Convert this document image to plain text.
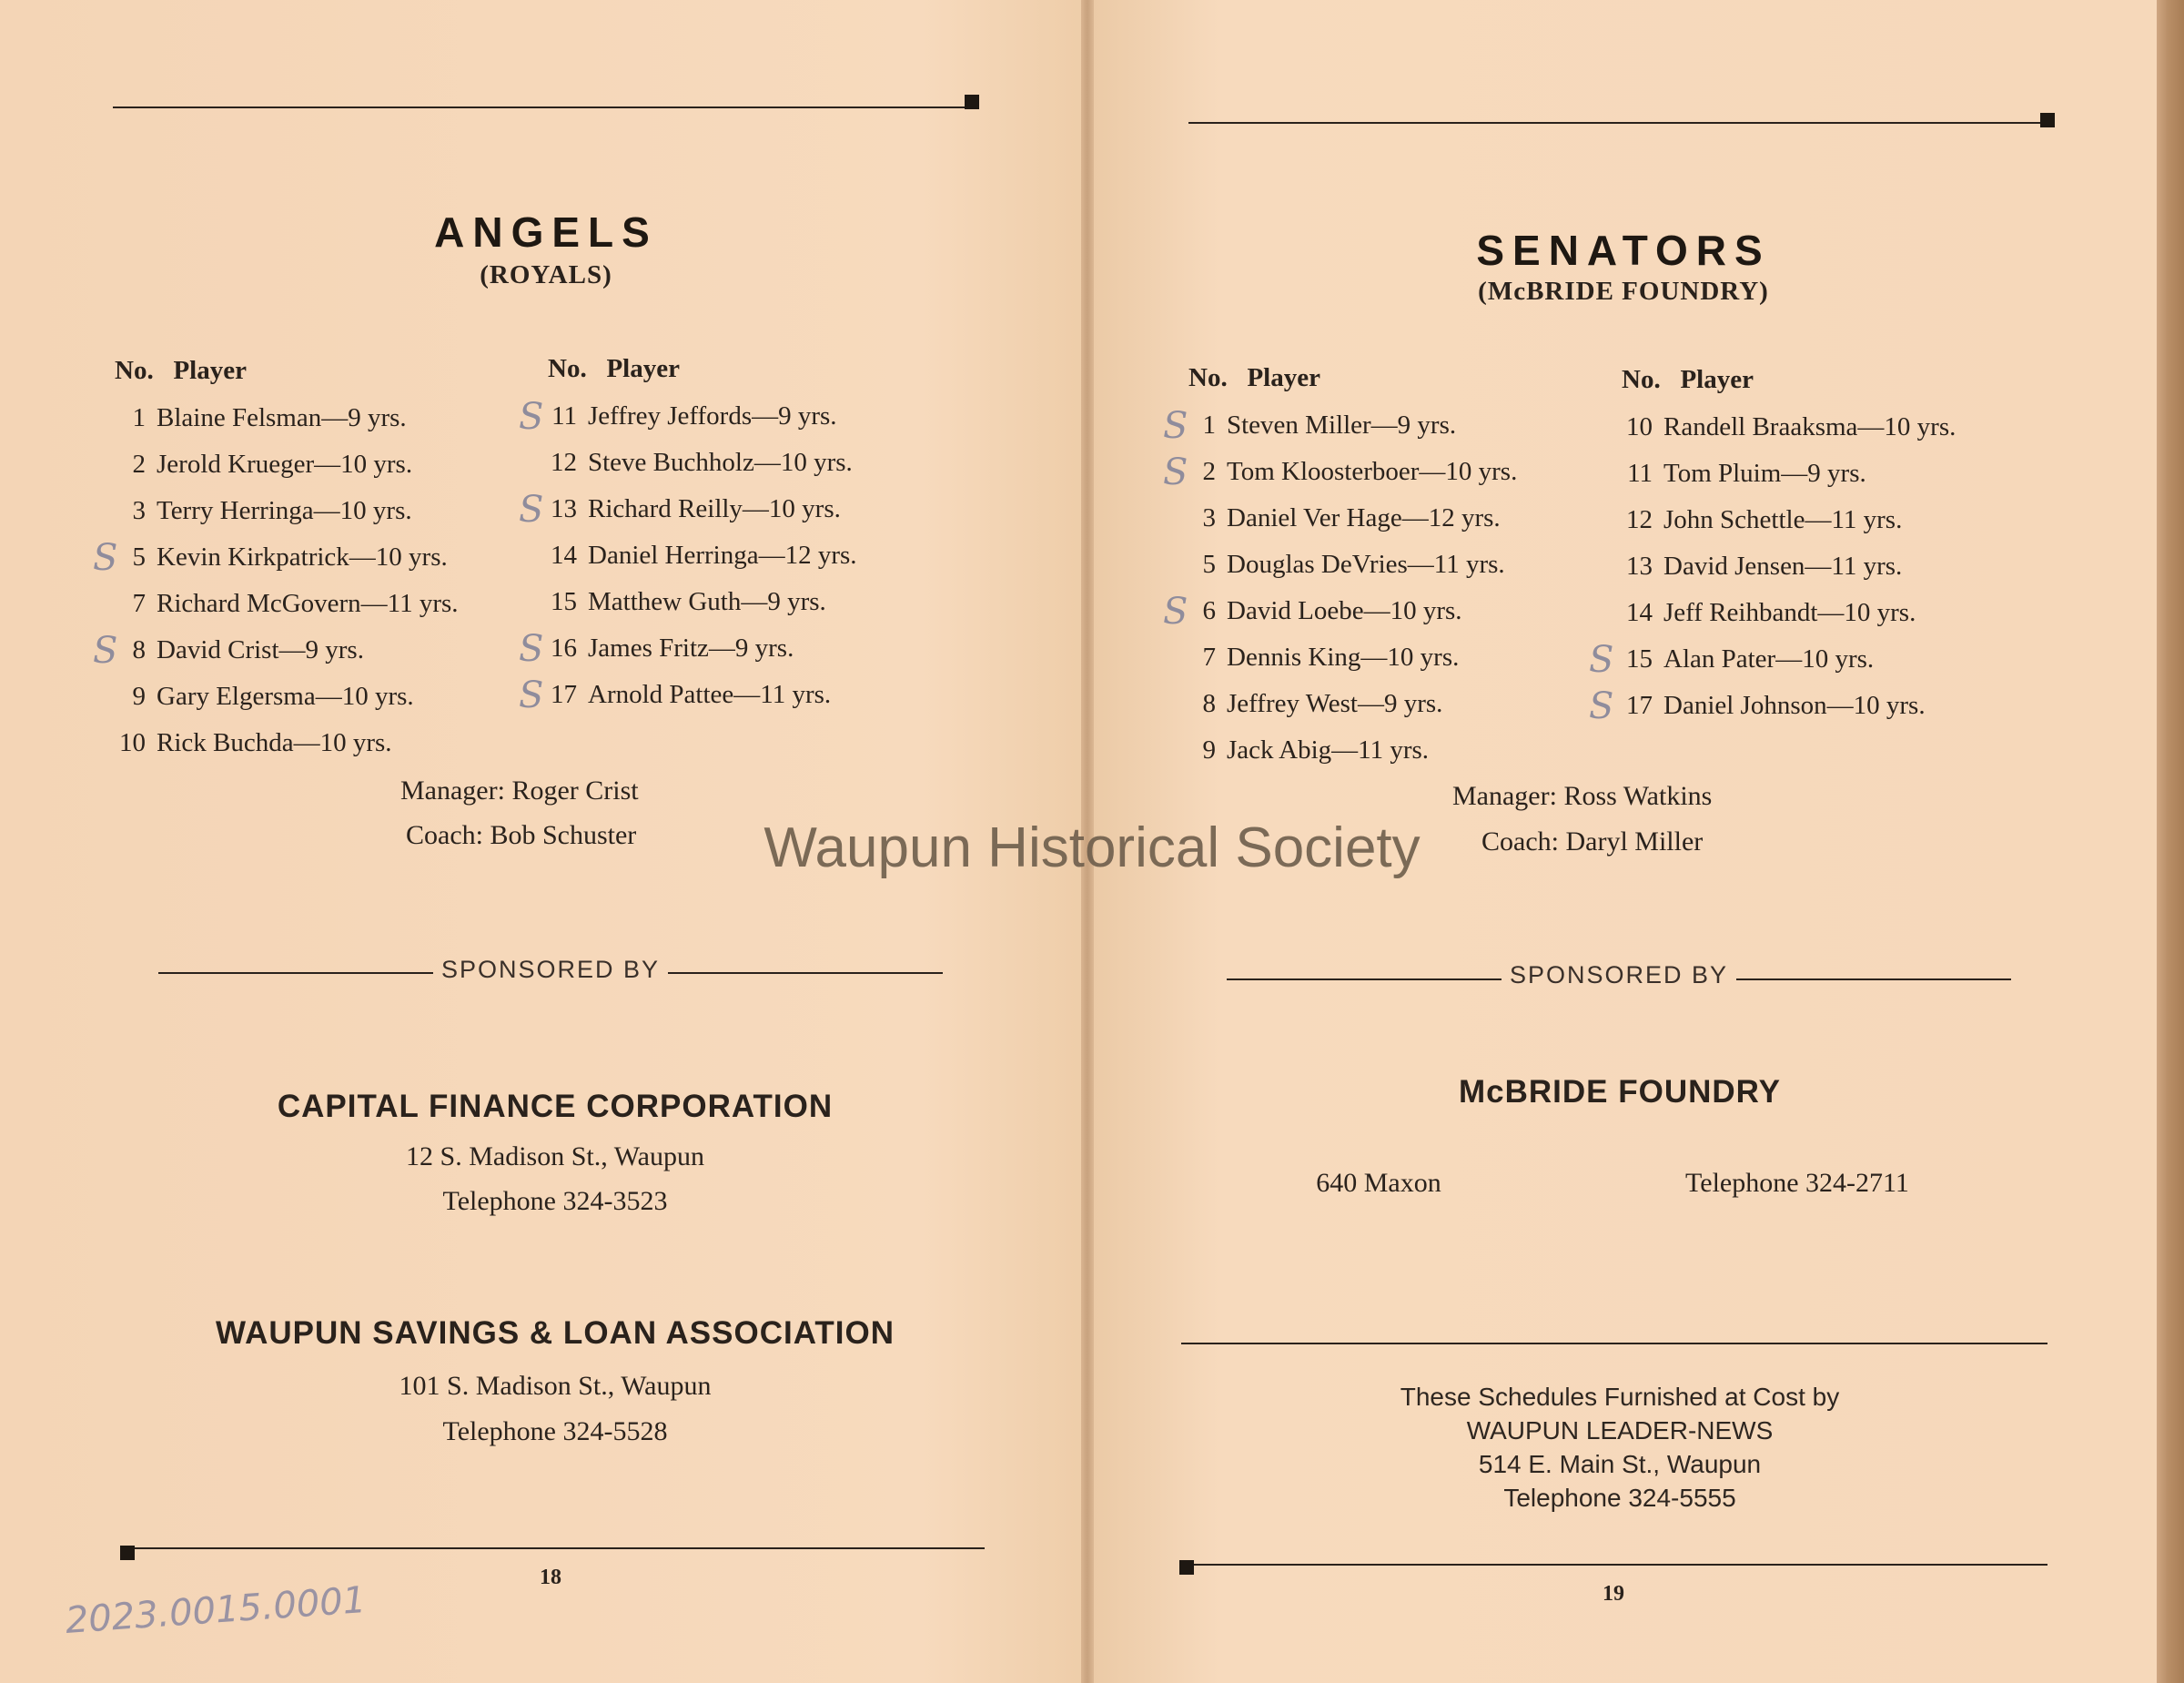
ANGELS
(ROYALS)
No.   Player	No.   Player
1 Blaine Felsman—9 yrs.
2 Jerold Krueger—10 yrs.
3 Terry Herringa—10 yrs.
S 5 Kevin Kirkpatrick—10 yrs.
7 Richard McGovern—11 yrs.
S 8 David Crist—9 yrs.
9 Gary Elgersma—10 yrs.
10 Rick Buchda—10 yrs.
S 11 Jeffrey Jeffords—9 yrs.
12 Steve Buchholz—10 yrs.
S 13 Richard Reilly—10 yrs.
14 Daniel Herringa—12 yrs.
15 Matthew Guth—9 yrs.
S 16 James Fritz—9 yrs.
S 17 Arnold Pattee—11 yrs.
Manager: Roger Crist
Coach: Bob Schuster
SPONSORED BY
CAPITAL FINANCE CORPORATION
12 S. Madison St., Waupun
Telephone 324-3523
WAUPUN SAVINGS & LOAN ASSOCIATION
101 S. Madison St., Waupun
Telephone 324-5528
18
2023.0015.0001
SENATORS
(McBRIDE FOUNDRY)
No.   Player	No.   Player
S 1 Steven Miller—9 yrs.
S 2 Tom Kloosterboer—10 yrs.
3 Daniel Ver Hage—12 yrs.
5 Douglas DeVries—11 yrs.
S 6 David Loebe—10 yrs.
7 Dennis King—10 yrs.
8 Jeffrey West—9 yrs.
9 Jack Abig—11 yrs.
10 Randell Braaksma—10 yrs.
11 Tom Pluim—9 yrs.
12 John Schettle—11 yrs.
13 David Jensen—11 yrs.
14 Jeff Reihbandt—10 yrs.
S 15 Alan Pater—10 yrs.
S 17 Daniel Johnson—10 yrs.
Manager: Ross Watkins
Coach: Daryl Miller
SPONSORED BY
McBRIDE FOUNDRY
640 Maxon	Telephone 324-2711
These Schedules Furnished at Cost by
WAUPUN LEADER-NEWS
514 E. Main St., Waupun
Telephone 324-5555
19
Waupun Historical Society
